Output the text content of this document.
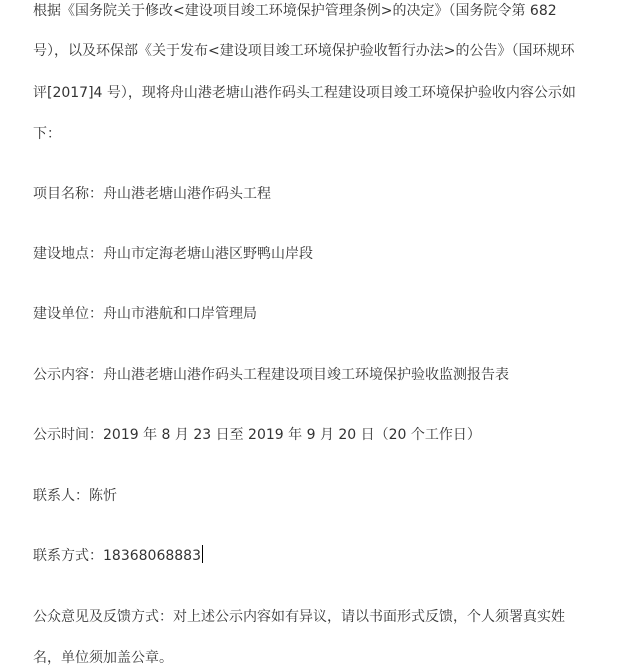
根据《国务院关于修改<建设项目竣工环境保护管理条例>的决定》（国务院令第 682
号），以及环保部《关于发布<建设项目竣工环境保护验收暂行办法>的公告》（国环规环
评[2017]4 号），现将舟山港老塘山港作码头工程建设项目竣工环境保护验收内容公示如
下：
项目名称：舟山港老塘山港作码头工程
建设地点：舟山市定海老塘山港区野鸭山岸段
建设单位：舟山市港航和口岸管理局
公示内容：舟山港老塘山港作码头工程建设项目竣工环境保护验收监测报告表
公示时间：2019 年 8 月 23 日至 2019 年 9 月 20 日（20 个工作日）
联系人：陈忻
联系方式：18368068883
公众意见及反馈方式：对上述公示内容如有异议，请以书面形式反馈，个人须署真实姓
名，单位须加盖公章。
